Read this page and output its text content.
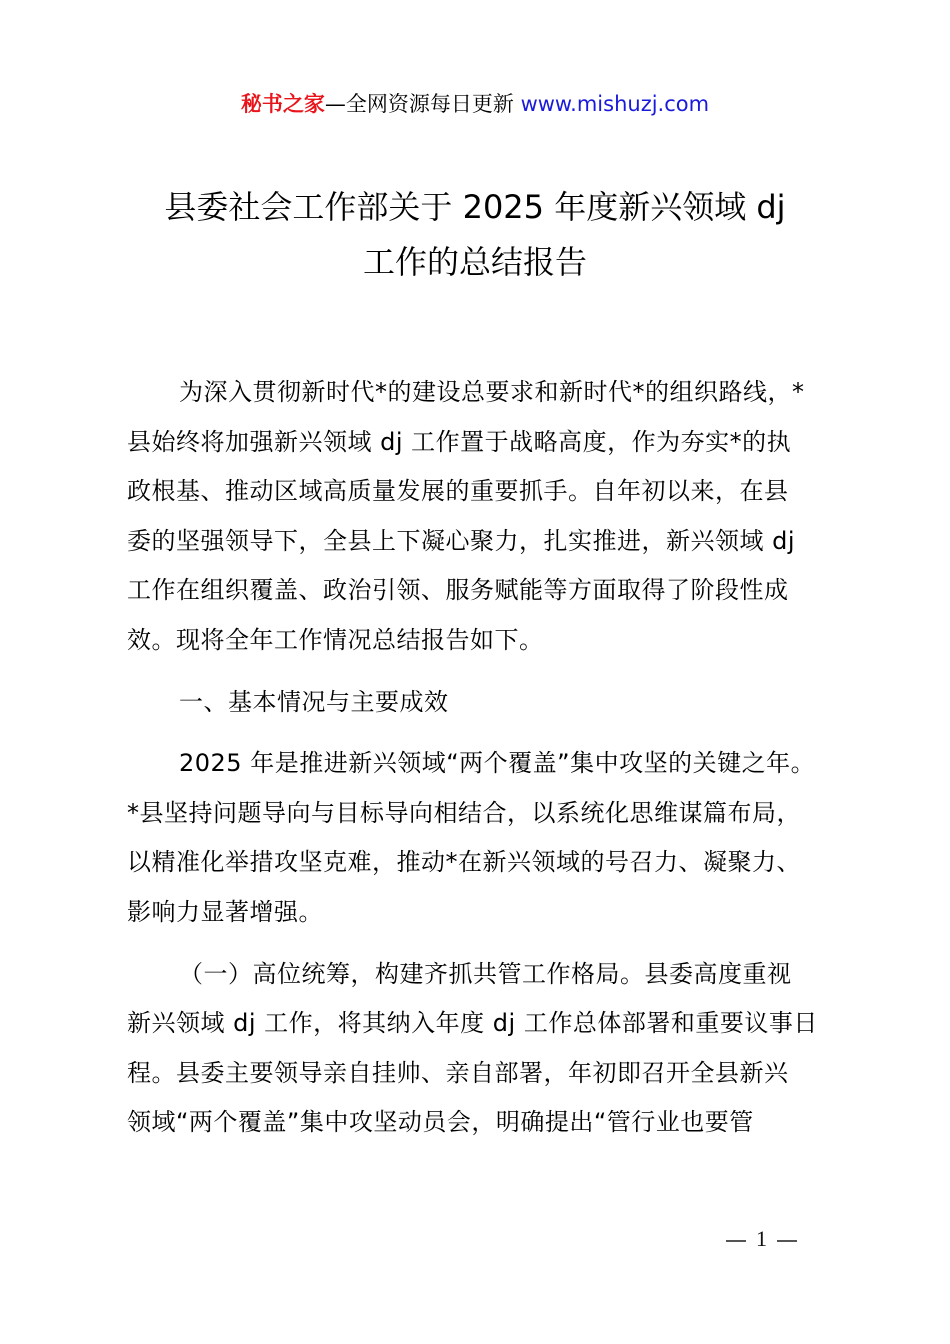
秘书之家—全网资源每日更新 www.mishuzj.com
县委社会工作部关于 2025 年度新兴领域 dj
工作的总结报告
为深入贯彻新时代*的建设总要求和新时代*的组织路线，*
县始终将加强新兴领域 dj 工作置于战略高度，作为夯实*的执
政根基、推动区域高质量发展的重要抓手。自年初以来，在县
委的坚强领导下，全县上下凝心聚力，扎实推进，新兴领域 dj
工作在组织覆盖、政治引领、服务赋能等方面取得了阶段性成
效。现将全年工作情况总结报告如下。
一、基本情况与主要成效
2025 年是推进新兴领域“两个覆盖”集中攻坚的关键之年。
*县坚持问题导向与目标导向相结合，以系统化思维谋篇布局，
以精准化举措攻坚克难，推动*在新兴领域的号召力、凝聚力、
影响力显著增强。
（一）高位统筹，构建齐抓共管工作格局。县委高度重视
新兴领域 dj 工作，将其纳入年度 dj 工作总体部署和重要议事日
程。县委主要领导亲自挂帅、亲自部署，年初即召开全县新兴
领域“两个覆盖”集中攻坚动员会，明确提出“管行业也要管
1
